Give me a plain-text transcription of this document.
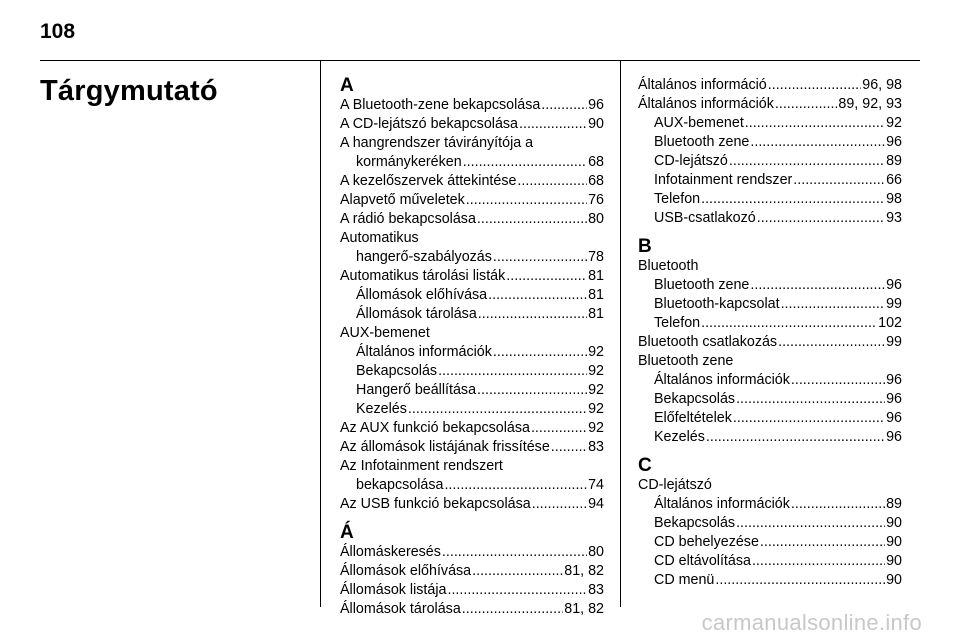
108
Tárgymutató	A
A Bluetooth-zene bekapcsolása .....	96
A CD-lejátszó bekapcsolása .....	90
A hangrendszer távirányítója a
kormánykeréken .....	68
A kezelőszervek áttekintése .....	68
Alapvető műveletek .....	76
A rádió bekapcsolása .....	80
Automatikus
hangerő-szabályozás .....	78
Automatikus tárolási listák .....	81
Állomások előhívása .....	81
Állomások tárolása .....	81
AUX-bemenet
Általános információk .....	92
Bekapcsolás .....	92
Hangerő beállítása .....	92
Kezelés .....	92
Az AUX funkció bekapcsolása .....	92
Az állomások listájának frissítése .....	83
Az Infotainment rendszert
bekapcsolása .....	74
Az USB funkció bekapcsolása .....	94
Á
Állomáskeresés .....	80
Állomások előhívása .....	81, 82
Állomások listája .....	83
Állomások tárolása .....	81, 82
Általános információ .....	96, 98
Általános információk .....	89, 92, 93
AUX-bemenet .....	92
Bluetooth zene .....	96
CD-lejátszó .....	89
Infotainment rendszer .....	66
Telefon .....	98
USB-csatlakozó .....	93
B
Bluetooth
Bluetooth zene .....	96
Bluetooth-kapcsolat .....	99
Telefon .....	102
Bluetooth csatlakozás .....	99
Bluetooth zene
Általános információk .....	96
Bekapcsolás .....	96
Előfeltételek .....	96
Kezelés .....	96
C
CD-lejátszó
Általános információk .....	89
Bekapcsolás .....	90
CD behelyezése .....	90
CD eltávolítása .....	90
CD menü .....	90
carmanualsonline.info
